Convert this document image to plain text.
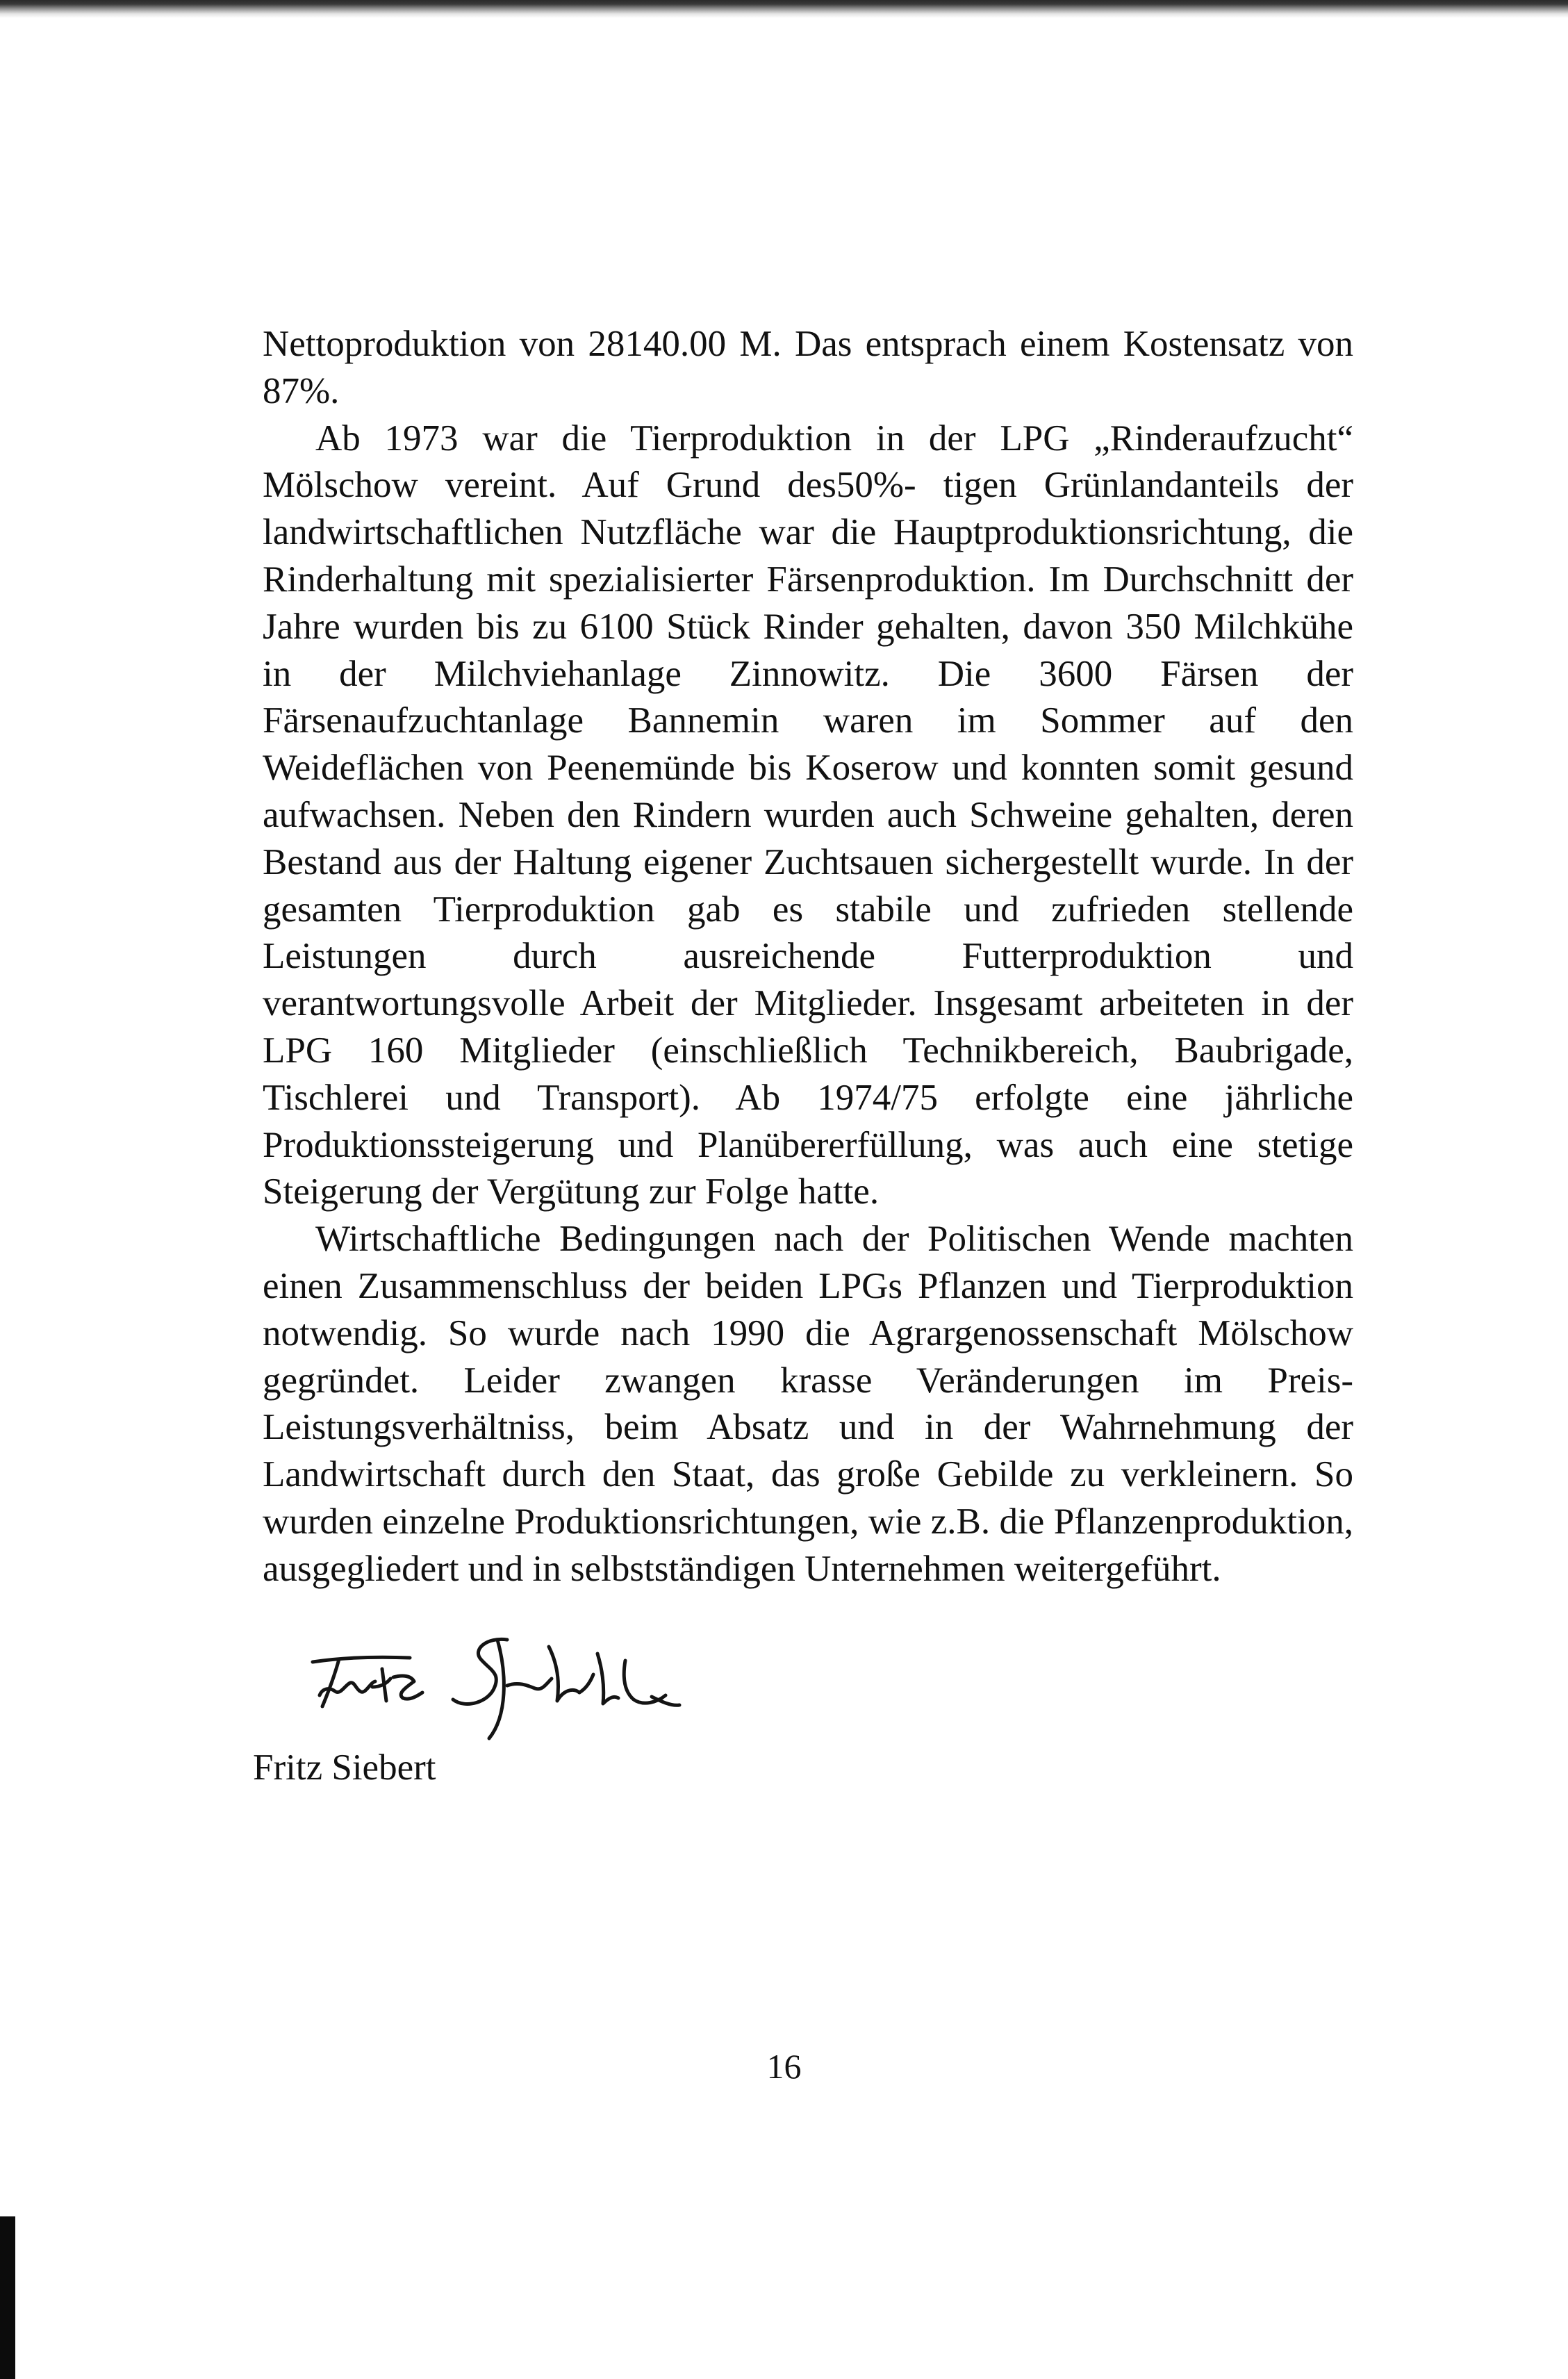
Nettoproduktion von 28140.00 M. Das entsprach einem Kostensatz von 87%.

Ab 1973 war die Tierproduktion in der LPG „Rinderaufzucht“ Mölschow vereint. Auf Grund des50%- tigen Grünlandanteils der landwirtschaftlichen Nutzfläche war die Hauptproduktionsrichtung, die Rinderhaltung mit spezialisierter Färsenproduktion. Im Durchschnitt der Jahre wurden bis zu 6100 Stück Rinder gehalten, davon 350 Milchkühe in der Milchviehanlage Zinnowitz. Die 3600 Färsen der Färsenaufzuchtanlage Bannemin waren im Sommer auf den Weideflächen von Peenemünde bis Koserow und konnten somit gesund aufwachsen. Neben den Rindern wurden auch Schweine gehalten, deren Bestand aus der Haltung eigener Zuchtsauen sichergestellt wurde. In der gesamten Tierproduktion gab es stabile und zufrieden stellende Leistungen durch ausreichende Futterproduktion und verantwortungsvolle Arbeit der Mitglieder. Insgesamt arbeiteten in der LPG 160 Mitglieder (einschließlich Technikbereich, Baubrigade, Tischlerei und Transport). Ab 1974/75 erfolgte eine jährliche Produktionssteigerung und Planübererfüllung, was auch eine stetige Steigerung der Vergütung zur Folge hatte.

Wirtschaftliche Bedingungen nach der Politischen Wende machten einen Zusammenschluss der beiden LPGs Pflanzen und Tierproduktion notwendig. So wurde nach 1990 die Agrargenossenschaft Mölschow gegründet. Leider zwangen krasse Veränderungen im Preis- Leistungsverhältniss, beim Absatz und in der Wahrnehmung der Landwirtschaft durch den Staat, das große Gebilde zu verkleinern. So wurden einzelne Produktionsrichtungen, wie z.B. die Pflanzenproduktion, ausgegliedert und in selbstständigen Unternehmen weitergeführt.

Fritz Siebert
16
